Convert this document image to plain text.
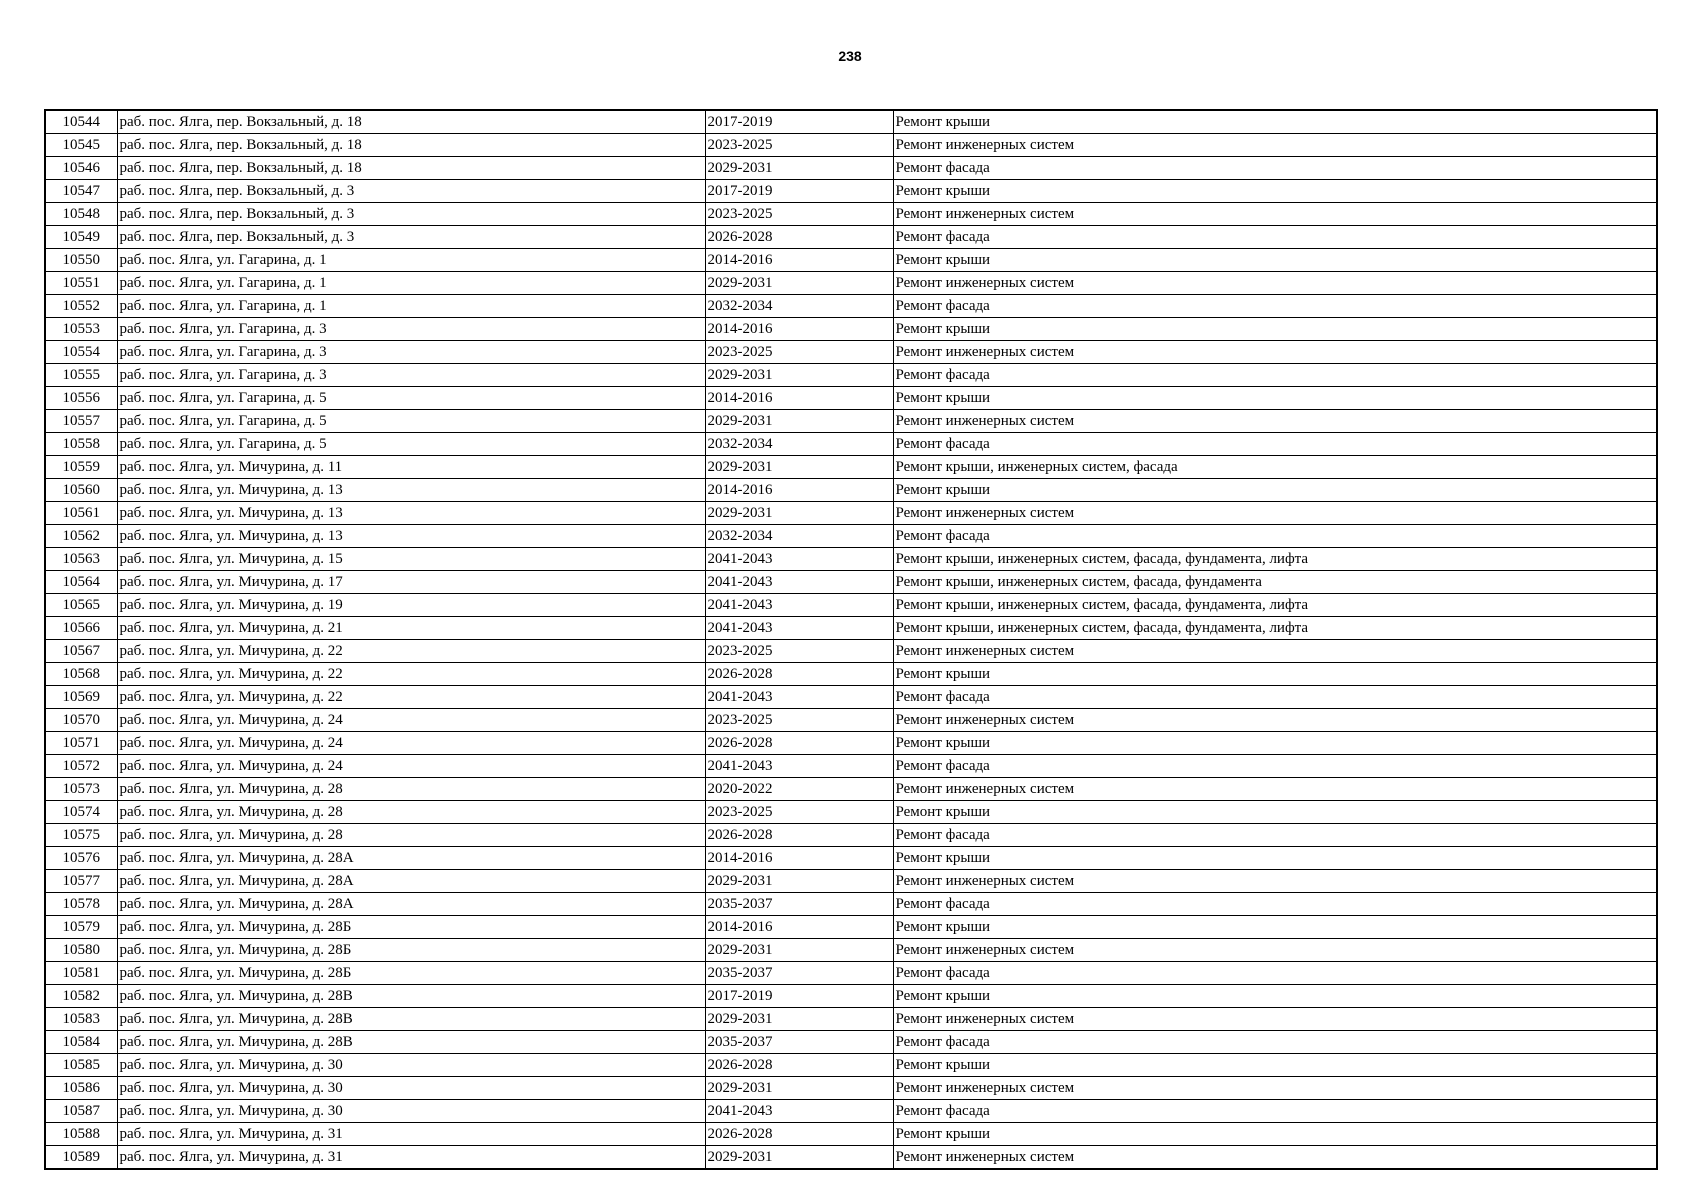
238
10544	раб. пос. Ялга, пер. Вокзальный, д. 18	2017-2019	Ремонт крыши
10545	раб. пос. Ялга, пер. Вокзальный, д. 18	2023-2025	Ремонт инженерных систем
10546	раб. пос. Ялга, пер. Вокзальный, д. 18	2029-2031	Ремонт фасада
10547	раб. пос. Ялга, пер. Вокзальный, д. 3	2017-2019	Ремонт крыши
10548	раб. пос. Ялга, пер. Вокзальный, д. 3	2023-2025	Ремонт инженерных систем
10549	раб. пос. Ялга, пер. Вокзальный, д. 3	2026-2028	Ремонт фасада
10550	раб. пос. Ялга, ул. Гагарина, д. 1	2014-2016	Ремонт крыши
10551	раб. пос. Ялга, ул. Гагарина, д. 1	2029-2031	Ремонт инженерных систем
10552	раб. пос. Ялга, ул. Гагарина, д. 1	2032-2034	Ремонт фасада
10553	раб. пос. Ялга, ул. Гагарина, д. 3	2014-2016	Ремонт крыши
10554	раб. пос. Ялга, ул. Гагарина, д. 3	2023-2025	Ремонт инженерных систем
10555	раб. пос. Ялга, ул. Гагарина, д. 3	2029-2031	Ремонт фасада
10556	раб. пос. Ялга, ул. Гагарина, д. 5	2014-2016	Ремонт крыши
10557	раб. пос. Ялга, ул. Гагарина, д. 5	2029-2031	Ремонт инженерных систем
10558	раб. пос. Ялга, ул. Гагарина, д. 5	2032-2034	Ремонт фасада
10559	раб. пос. Ялга, ул. Мичурина, д. 11	2029-2031	Ремонт крыши, инженерных систем, фасада
10560	раб. пос. Ялга, ул. Мичурина, д. 13	2014-2016	Ремонт крыши
10561	раб. пос. Ялга, ул. Мичурина, д. 13	2029-2031	Ремонт инженерных систем
10562	раб. пос. Ялга, ул. Мичурина, д. 13	2032-2034	Ремонт фасада
10563	раб. пос. Ялга, ул. Мичурина, д. 15	2041-2043	Ремонт крыши, инженерных систем, фасада, фундамента, лифта
10564	раб. пос. Ялга, ул. Мичурина, д. 17	2041-2043	Ремонт крыши, инженерных систем, фасада, фундамента
10565	раб. пос. Ялга, ул. Мичурина, д. 19	2041-2043	Ремонт крыши, инженерных систем, фасада, фундамента, лифта
10566	раб. пос. Ялга, ул. Мичурина, д. 21	2041-2043	Ремонт крыши, инженерных систем, фасада, фундамента, лифта
10567	раб. пос. Ялга, ул. Мичурина, д. 22	2023-2025	Ремонт инженерных систем
10568	раб. пос. Ялга, ул. Мичурина, д. 22	2026-2028	Ремонт крыши
10569	раб. пос. Ялга, ул. Мичурина, д. 22	2041-2043	Ремонт фасада
10570	раб. пос. Ялга, ул. Мичурина, д. 24	2023-2025	Ремонт инженерных систем
10571	раб. пос. Ялга, ул. Мичурина, д. 24	2026-2028	Ремонт крыши
10572	раб. пос. Ялга, ул. Мичурина, д. 24	2041-2043	Ремонт фасада
10573	раб. пос. Ялга, ул. Мичурина, д. 28	2020-2022	Ремонт инженерных систем
10574	раб. пос. Ялга, ул. Мичурина, д. 28	2023-2025	Ремонт крыши
10575	раб. пос. Ялга, ул. Мичурина, д. 28	2026-2028	Ремонт фасада
10576	раб. пос. Ялга, ул. Мичурина, д. 28А	2014-2016	Ремонт крыши
10577	раб. пос. Ялга, ул. Мичурина, д. 28А	2029-2031	Ремонт инженерных систем
10578	раб. пос. Ялга, ул. Мичурина, д. 28А	2035-2037	Ремонт фасада
10579	раб. пос. Ялга, ул. Мичурина, д. 28Б	2014-2016	Ремонт крыши
10580	раб. пос. Ялга, ул. Мичурина, д. 28Б	2029-2031	Ремонт инженерных систем
10581	раб. пос. Ялга, ул. Мичурина, д. 28Б	2035-2037	Ремонт фасада
10582	раб. пос. Ялга, ул. Мичурина, д. 28В	2017-2019	Ремонт крыши
10583	раб. пос. Ялга, ул. Мичурина, д. 28В	2029-2031	Ремонт инженерных систем
10584	раб. пос. Ялга, ул. Мичурина, д. 28В	2035-2037	Ремонт фасада
10585	раб. пос. Ялга, ул. Мичурина, д. 30	2026-2028	Ремонт крыши
10586	раб. пос. Ялга, ул. Мичурина, д. 30	2029-2031	Ремонт инженерных систем
10587	раб. пос. Ялга, ул. Мичурина, д. 30	2041-2043	Ремонт фасада
10588	раб. пос. Ялга, ул. Мичурина, д. 31	2026-2028	Ремонт крыши
10589	раб. пос. Ялга, ул. Мичурина, д. 31	2029-2031	Ремонт инженерных систем
